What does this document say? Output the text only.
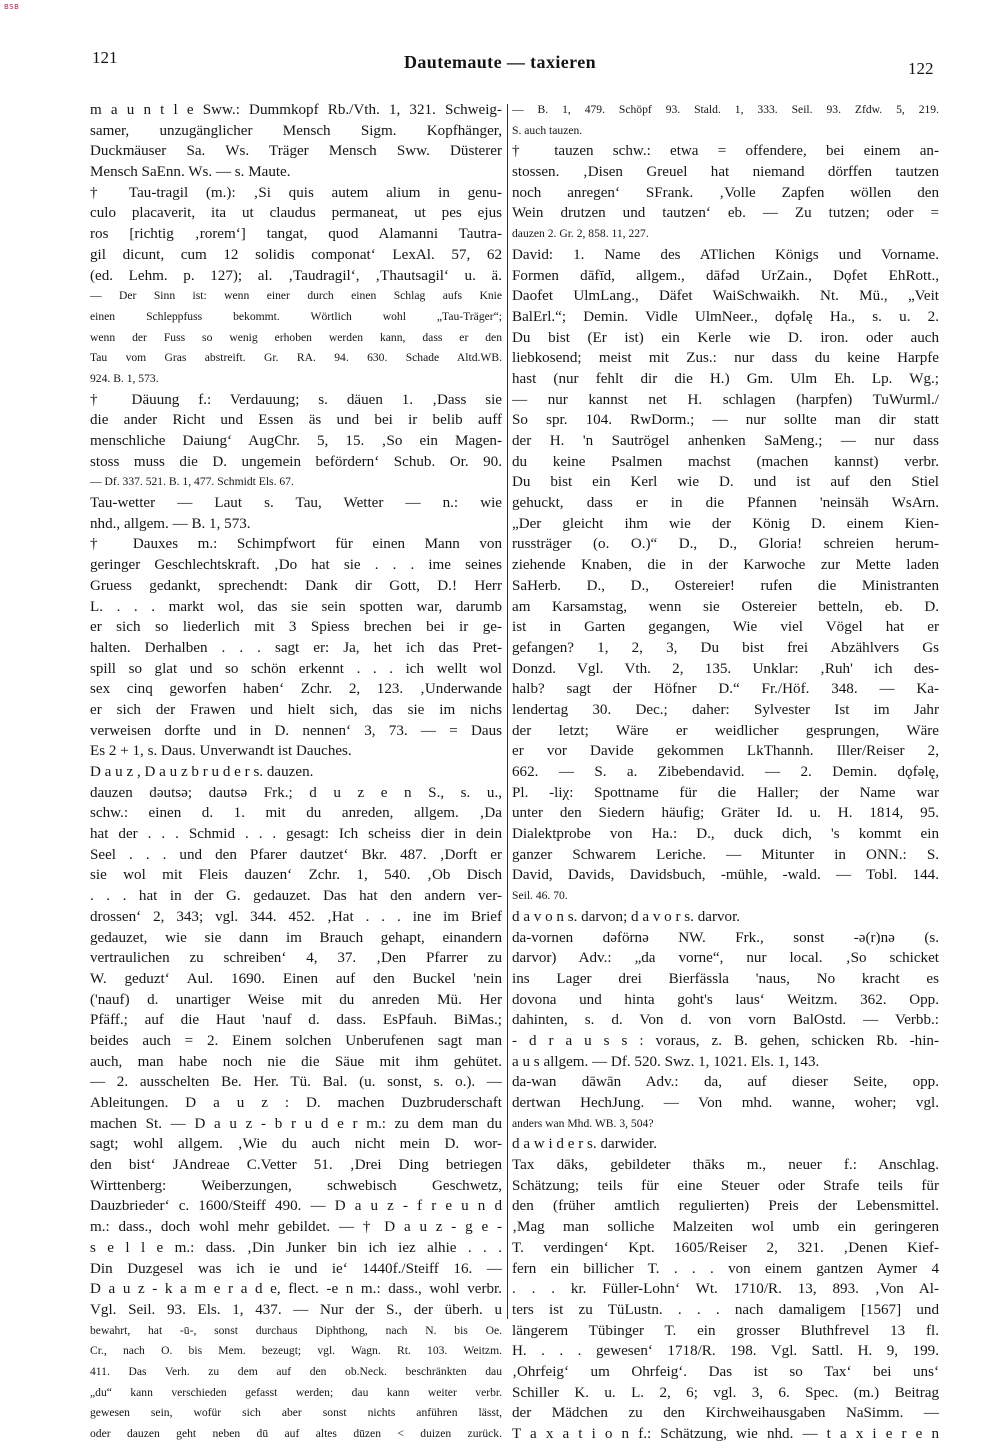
BSB
121	Dautemaute — taxieren	122
m a u n t l e Sww.: Dummkopf Rb./Vth. 1, 321. Schweig-
samer, unzugänglicher Mensch Sigm. Kopfhänger,
Duckmäuser Sa. Ws. Träger Mensch Sww. Düsterer
Mensch SaEnn. Ws. — s. Maute.
† Tau-tragil (m.): ‚Si quis autem alium in genu-
culo placaverit, ita ut claudus permaneat, ut pes ejus
ros [richtig ‚rorem‘] tangat, quod Alamanni Tautra-
gil dicunt, cum 12 solidis componat‘ LexAl. 57, 62
(ed. Lehm. p. 127); al. ‚Taudragil‘, ‚Thautsagil‘ u. ä.
— Der Sinn ist: wenn einer durch einen Schlag aufs Knie
einen Schleppfuss bekommt. Wörtlich wohl „Tau-Träger“;
wenn der Fuss so wenig erhoben werden kann, dass er den
Tau vom Gras abstreift. Gr. RA. 94. 630. Schade Altd.WB.
924. B. 1, 573.
† Däuung f.: Verdauung; s. däuen 1. ‚Dass sie
die ander Richt und Essen äs und bei ir belib auff
menschliche Daiung‘ AugChr. 5, 15. ‚So ein Magen-
stoss muss die D. ungemein befördern‘ Schub. Or. 90.
— Df. 337. 521. B. 1, 477. Schmidt Els. 67.
Tau-wetter — Laut s. Tau, Wetter — n.: wie
nhd., allgem. — B. 1, 573.
† Dauxes m.: Schimpfwort für einen Mann von
geringer Geschlechtskraft. ‚Do hat sie . . . ime seines
Gruess gedankt, sprechendt: Dank dir Gott, D.! Herr
L. . . . markt wol, das sie sein spotten war, darumb
er sich so liederlich mit 3 Spiess brechen bei ir ge-
halten. Derhalben . . . sagt er: Ja, het ich das Pret-
spill so glat und so schön erkennt . . . ich wellt wol
sex cinq geworfen haben‘ Zchr. 2, 123. ‚Underwande
er sich der Frawen und hielt sich, das sie im nichs
verweisen dorfte und in D. nennen‘ 3, 73. — = Daus
Es 2 + 1, s. Daus. Unverwandt ist Dauches.
D a u z , D a u z b r u d e r s. dauzen.
dauzen dəutsə; dautsə Frk.; d u z e n S., s. u.,
schw.: einen d. 1. mit du anreden, allgem. ‚Da
hat der . . . Schmid . . . gesagt: Ich scheiss dier in dein
Seel . . . und den Pfarer dautzet‘ Bkr. 487. ‚Dorft er
sie wol mit Fleis dauzen‘ Zchr. 1, 540. ‚Ob Disch
. . . hat in der G. gedauzet. Das hat den andern ver-
drossen‘ 2, 343; vgl. 344. 452. ‚Hat . . . ine im Brief
gedauzet, wie sie dann im Brauch gehapt, einandern
vertraulichen zu schreiben‘ 4, 37. ‚Den Pfarrer zu
W. geduzt‘ Aul. 1690. Einen auf den Buckel 'nein
('nauf) d. unartiger Weise mit du anreden Mü. Her
Pfäff.; auf die Haut 'nauf d. dass. EsPfauh. BiMas.;
beides auch = 2. Einem solchen Unberufenen sagt man
auch, man habe noch nie die Säue mit ihm gehütet.
— 2. ausschelten Be. Her. Tü. Bal. (u. sonst, s. o.). —
Ableitungen. D a u z : D. machen Duzbruderschaft
machen St. — D a u z - b r u d e r m.: zu dem man du
sagt; wohl allgem. ‚Wie du auch nicht mein D. wor-
den bist‘ JAndreae C.Vetter 51. ‚Drei Ding betriegen
Wirttenberg: Weiberzungen, schwebisch Geschwetz,
Dauzbrieder‘ c. 1600/Steiff 490. — D a u z - f r e u n d
m.: dass., doch wohl mehr gebildet. — † D a u z - g e -
s e l l e m.: dass. ‚Din Junker bin ich iez alhie . . .
Din Duzgesel was ich ie und ie‘ 1440f./Steiff 16. —
D a u z - k a m e r a d e, flect. -e n m.: dass., wohl verbr.
Vgl. Seil. 93. Els. 1, 437. — Nur der S., der überh. u
bewahrt, hat -ū-, sonst durchaus Diphthong, nach N. bis Oe.
Cr., nach O. bis Mem. bezeugt; vgl. Wagn. Rt. 103. Weitzm.
411. Das Verh. zu dem auf den ob.Neck. beschränkten dau
„du“ kann verschieden gefasst werden; dau kann weiter verbr.
gewesen sein, wofür sich aber sonst nichts anführen lässt,
oder dauzen geht neben dū auf altes dūzen < duizen zurück.
— B. 1, 479. Schöpf 93. Stald. 1, 333. Seil. 93. Zfdw. 5, 219.
S. auch tauzen.
† tauzen schw.: etwa = offendere, bei einem an-
stossen. ‚Disen Greuel hat niemand dörffen tautzen
noch anregen‘ SFrank. ‚Volle Zapfen wöllen den
Wein drutzen und tautzen‘ eb. — Zu tutzen; oder =
dauzen 2. Gr. 2, 858. 11, 227.
David: 1. Name des ATlichen Königs und Vorname.
Formen dāfīd, allgem., dāfəd UrZain., Dǫfet EhRott.,
Daofet UlmLang., Däfet WaiSchwaikh. Nt. Mü., „Veit
BalErl.“; Demin. Vidle UlmNeer., dǫfəlę Ha., s. u. 2.
Du bist (Er ist) ein Kerle wie D. iron. oder auch
liebkosend; meist mit Zus.: nur dass du keine Harpfe
hast (nur fehlt dir die H.) Gm. Ulm Eh. Lp. Wg.;
— nur kannst net H. schlagen (harpfen) TuWurml./
So spr. 104. RwDorm.; — nur sollte man dir statt
der H. 'n Sautrögel anhenken SaMeng.; — nur dass
du keine Psalmen machst (machen kannst) verbr.
Du bist ein Kerl wie D. und ist auf den Stiel
gehuckt, dass er in die Pfannen 'neinsäh WsArn.
„Der gleicht ihm wie der König D. einem Kien-
russträger (o. O.)“ D., D., Gloria! schreien herum-
ziehende Knaben, die in der Karwoche zur Mette laden
SaHerb. D., D., Ostereier! rufen die Ministranten
am Karsamstag, wenn sie Ostereier betteln, eb. D.
ist in Garten gegangen, Wie viel Vögel hat er
gefangen? 1, 2, 3, Du bist frei Abzählvers Gs
Donzd. Vgl. Vth. 2, 135. Unklar: ‚Ruh' ich des-
halb? sagt der Höfner D.“ Fr./Höf. 348. — Ka-
lendertag 30. Dec.; daher: Sylvester Ist im Jahr
der letzt; Wäre er weidlicher gesprungen, Wäre
er vor Davide gekommen LkThannh. Iller/Reiser 2,
662. — S. a. Zibebendavid. — 2. Demin. dǫfəlę,
Pl. -liχ: Spottname für die Haller; der Name war
unter den Siedern häufig; Gräter Id. u. H. 1814, 95.
Dialektprobe von Ha.: D., duck dich, 's kommt ein
ganzer Schwarem Leriche. — Mitunter in ONN.: S.
David, Davids, Davidsbuch, -mühle, -wald. — Tobl. 144.
Seil. 46. 70.
d a v o n s. darvon; d a v o r s. darvor.
da-vornen dəförnə NW. Frk., sonst -ə(r)nə (s.
darvor) Adv.: „da vorne“, nur local. ‚So schicket
ins Lager drei Bierfässla 'naus, No kracht es
dovona und hinta goht's laus‘ Weitzm. 362. Opp.
dahinten, s. d. Von d. von vorn BalOstd. — Verbb.:
- d r a u s s : voraus, z. B. gehen, schicken Rb. -hin-
a u s allgem. — Df. 520. Swz. 1, 1021. Els. 1, 143.
da-wan dāwān Adv.: da, auf dieser Seite, opp.
dertwan HechJung. — Von mhd. wanne, woher; vgl.
anders wan Mhd. WB. 3, 504?
d a w i d e r s. darwider.
Tax dāks, gebildeter thāks m., neuer f.: Anschlag.
Schätzung; teils für eine Steuer oder Strafe teils für
den (früher amtlich regulierten) Preis der Lebensmittel.
‚Mag man solliche Malzeiten wol umb ein geringeren
T. verdingen‘ Kpt. 1605/Reiser 2, 321. ‚Denen Kief-
fern ein billicher T. . . . von einem gantzen Aymer 4
. . . kr. Füller-Lohn‘ Wt. 1710/R. 13, 893. ‚Von Al-
ters ist zu TüLustn. . . . nach damaligem [1567] und
längerem Tübinger T. ein grosser Bluthfrevel 13 fl.
H. . . . gewesen‘ 1718/R. 198. Vgl. Sattl. H. 9, 199.
‚Ohrfeig‘ um Ohrfeig‘. Das ist so Tax‘ bei uns‘
Schiller K. u. L. 2, 6; vgl. 3, 6. Spec. (m.) Beitrag
der Mädchen zu den Kirchweihausgaben NaSimm. —
T a x a t i o n f.: Schätzung, wie nhd. — t a x i e r e n
